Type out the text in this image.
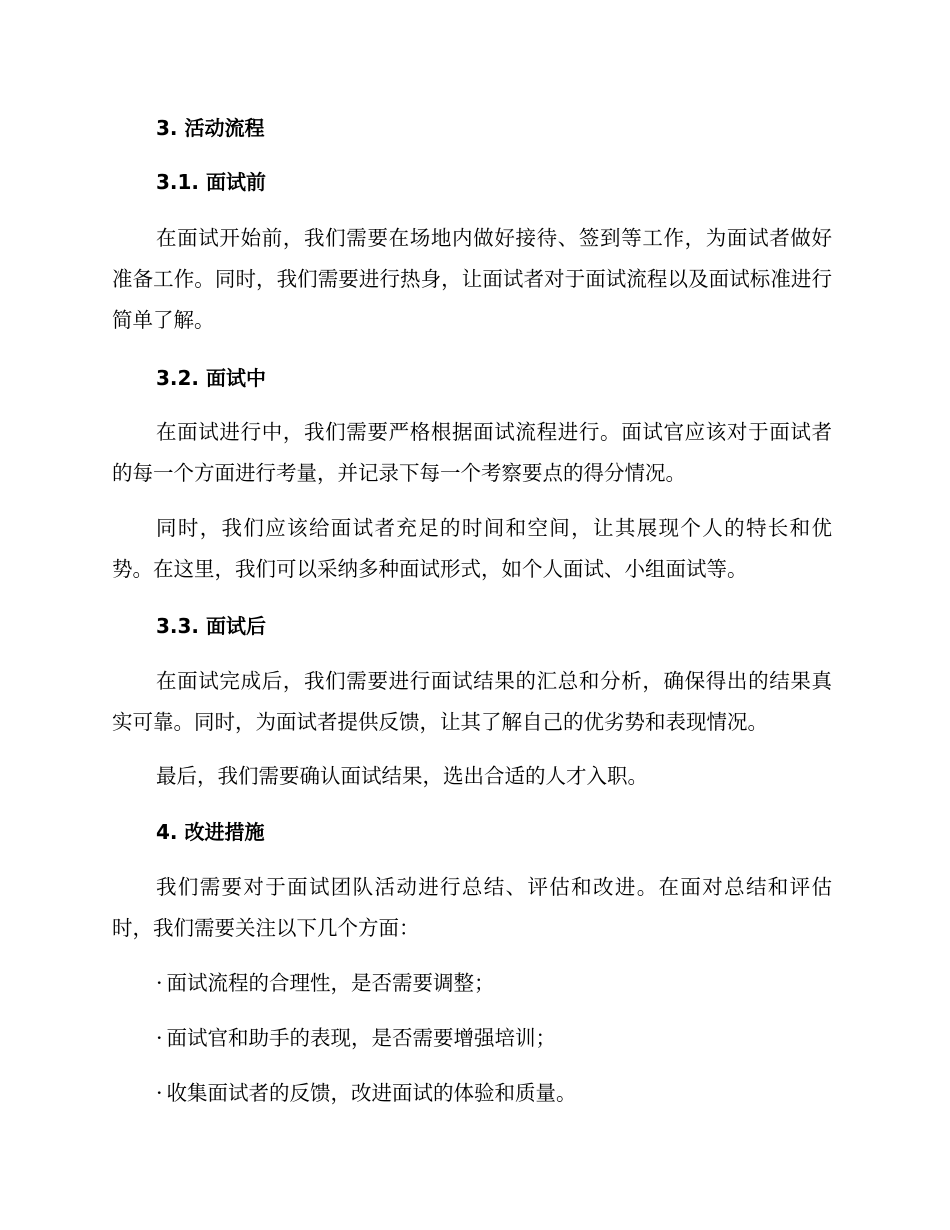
3. 活动流程
3.1. 面试前

在面试开始前，我们需要在场地内做好接待、签到等工作，为面试者做好准备工作。同时，我们需要进行热身，让面试者对于面试流程以及面试标准进行简单了解。

3.2. 面试中

在面试进行中，我们需要严格根据面试流程进行。面试官应该对于面试者的每一个方面进行考量，并记录下每一个考察要点的得分情况。

同时，我们应该给面试者充足的时间和空间，让其展现个人的特长和优势。在这里，我们可以采纳多种面试形式，如个人面试、小组面试等。

3.3. 面试后

在面试完成后，我们需要进行面试结果的汇总和分析，确保得出的结果真实可靠。同时，为面试者提供反馈，让其了解自己的优劣势和表现情况。

最后，我们需要确认面试结果，选出合适的人才入职。

4. 改进措施

我们需要对于面试团队活动进行总结、评估和改进。在面对总结和评估时，我们需要关注以下几个方面：

· 面试流程的合理性，是否需要调整；
· 面试官和助手的表现，是否需要增强培训；
· 收集面试者的反馈，改进面试的体验和质量。
